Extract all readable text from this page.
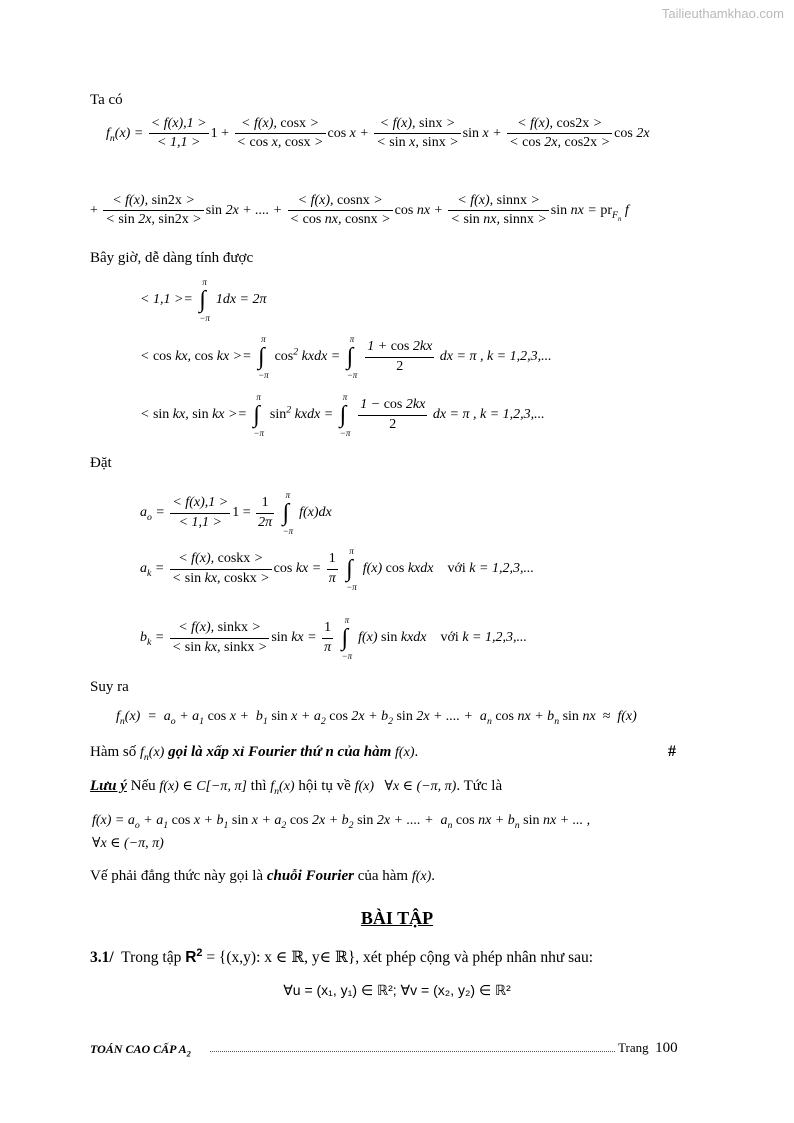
Tailieuthamkhao.com
Ta có
$f_n(x) = \frac{< f(x),1 >}{< 1,1 >} 1 + \frac{< f(x), \cos x >}{\text{< cos x, cosx >}}$ $\cos x + \frac{< f(x), \sin x >}{\text{< sin x, sinx >}}$ $\sin x + \frac{< f(x), \cos 2x >}{< \cos 2x, \cos 2x >}$ cos 2x
+ $\frac{< f(x), \sin 2x >}{< \sin 2x, \sin 2x >}$ sin 2x + .... + $\frac{\text{< f(x), cosnx >}}{\text{< cos nx, cosnx >}}$ cos nx + $\frac{\text{< f(x), sinnx >}}{\text{< sin nx, sinnx >}}$ sin nx = $pr_{F_n}$ f
Bây giờ, dễ dàng tính được
< 1,1 >=
π
∫
−π
1dx = 2π
< cos kx, cos kx >=
π
∫
−π
$\cos^2$ kxdx =
π
∫
−π

$\frac{1 + \cos 2kx}{2}$ dx = π , k = 1,2,3,...
< sin kx, sin kx >=
π
∫
−π
$\sin^2$ kxdx =
π
∫
−π

$\frac{1 - \cos 2kx}{2}$ dx = π , k = 1,2,3,...
Đặt
$a_o = \frac{< f(x),1 >}{< 1,1 >} 1 = \frac{1}{2\pi}$

π
∫
−π
f(x)dx
$a_k = \frac{\text{< f(x), coskx >}}{\text{< sin kx, coskx >}}$ cos kx = $\frac{1}{\pi}$

π
∫
−π
f(x) cos kxdx    với k = 1,2,3,...
$b_k = \frac{\text{< f(x), sinkx >}}{\text{< sin kx, sinkx >}}$ sin kx = $\frac{1}{\pi}$

π
∫
−π
f(x) sin kxdx    với k = 1,2,3,...
Suy ra
$f_n(x) = a_o + a_1$ $\cos x + b_1$ $\sin x + a_2$ $\cos 2x + b_2$ sin 2x + .... +  $a_n$ cos nx + $b_n$ sin nx  ≈  f(x)
Hàm số $f_n(x)$ gọi là xấp xỉ Fourier thứ n của hàm f(x).	#
Lưu ý Nếu f(x) ∈ C[−π, π] thì $f_n(x)$ hội tụ về f(x)   ∀x ∈ (−π, π). Tức là
$f(x) = a_o + a_1$ $\cos x + b_1$ $\sin x + a_2$ $\cos 2x + b_2$ sin 2x + .... +  $a_n$ cos nx + $b_n$ sin nx + ... ,
∀x ∈ (−π, π)
Vế phải đẳng thức này gọi là chuỗi Fourier của hàm f(x).
BÀI TẬP
3.1/ Trong tập $R^2 = \{(x,y)$: x ∈ ℝ, y∈ ℝ}, xét phép cộng và phép nhân như sau:
∀u = (x₁, y₁) ∈ ℝ²; ∀v = (x₂, y₂) ∈ ℝ²
TOÁN CAO CẤP $A_2$	Trang 100
